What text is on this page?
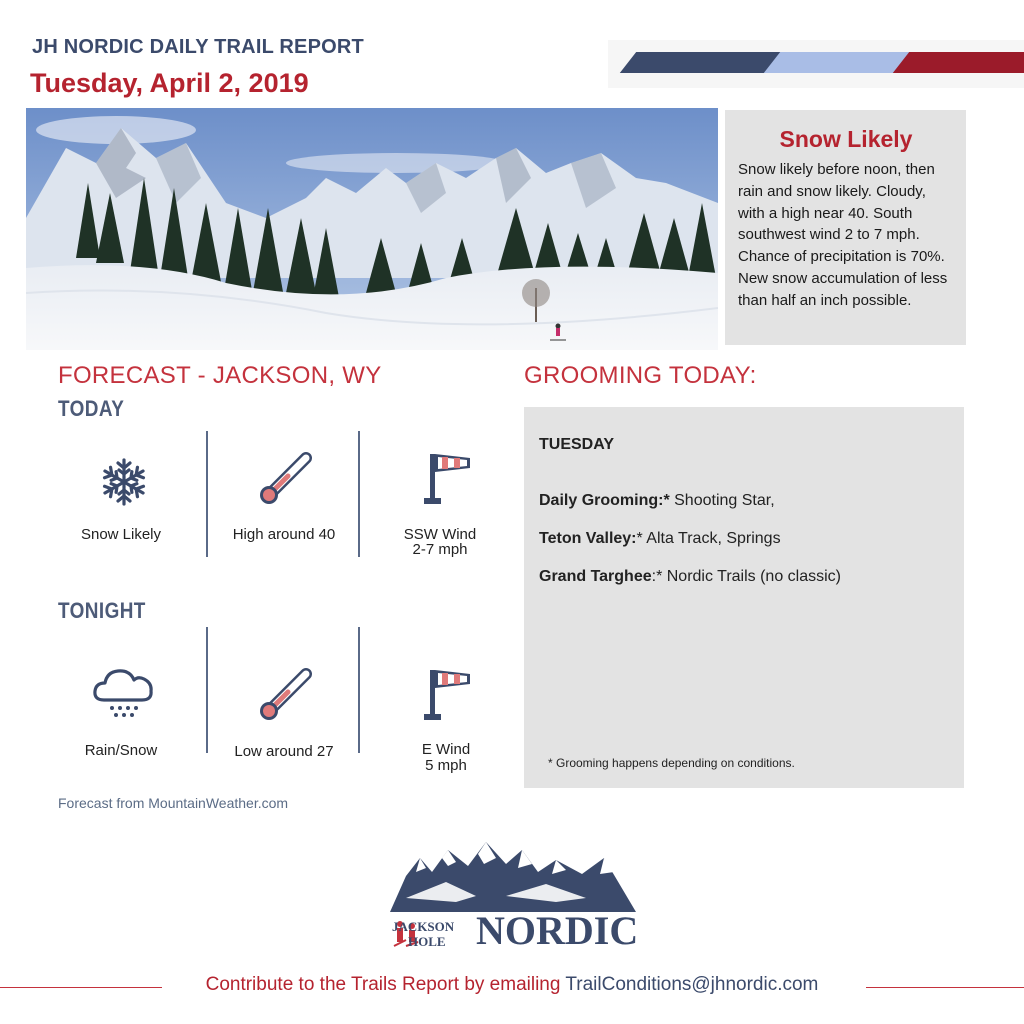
JH NORDIC DAILY TRAIL REPORT
Tuesday, April 2, 2019
Snow Likely
Snow likely before noon, then rain and snow likely. Cloudy, with a high near 40. South southwest wind 2 to 7 mph. Chance of precipitation is 70%. New snow accumulation of less than half an inch possible.
FORECAST - JACKSON, WY
TODAY
Snow Likely	High around 40	SSW Wind
2-7 mph
TONIGHT
Rain/Snow	Low around 27	E Wind
5 mph
Forecast from MountainWeather.com
GROOMING TODAY:
TUESDAY
Daily Grooming:* Shooting Star,
Teton Valley:* Alta Track, Springs
Grand Targhee:* Nordic Trails (no classic)
* Grooming happens depending on conditions.
JACKSON
HOLE NORDIC
Contribute to the Trails Report by emailing TrailConditions@jhnordic.com
